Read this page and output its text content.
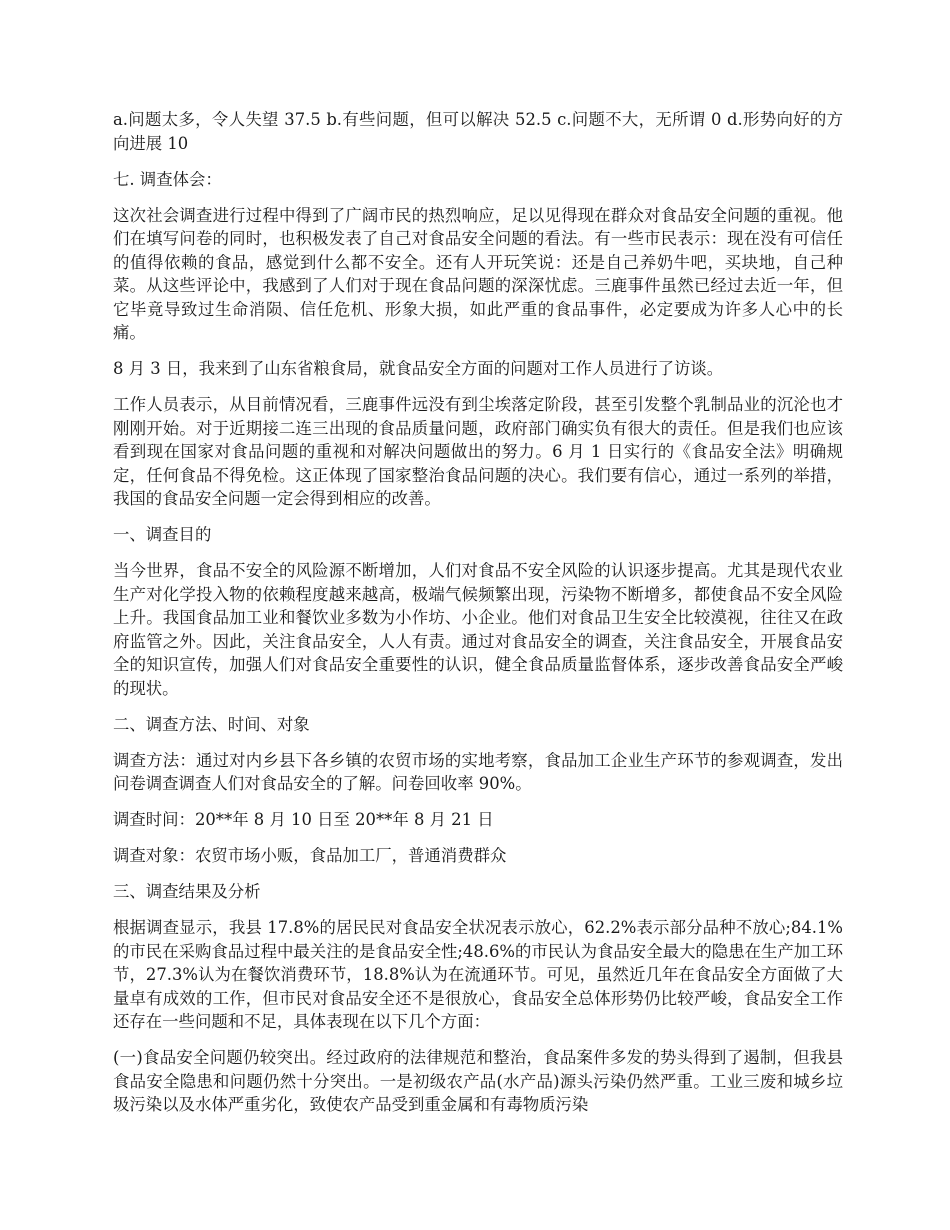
a.问题太多，令人失望 37.5 b.有些问题，但可以解决 52.5 c.问题不大，无所谓 0 d.形势向好的方向进展 10

七. 调查体会：

这次社会调查进行过程中得到了广阔市民的热烈响应，足以见得现在群众对食品安全问题的重视。他们在填写问卷的同时，也积极发表了自己对食品安全问题的看法。有一些市民表示：现在没有可信任的值得依赖的食品，感觉到什么都不安全。还有人开玩笑说：还是自己养奶牛吧，买块地，自己种菜。从这些评论中，我感到了人们对于现在食品问题的深深忧虑。三鹿事件虽然已经过去近一年，但它毕竟导致过生命消陨、信任危机、形象大损，如此严重的食品事件，必定要成为许多人心中的长痛。

8 月 3 日，我来到了山东省粮食局，就食品安全方面的问题对工作人员进行了访谈。

工作人员表示，从目前情况看，三鹿事件远没有到尘埃落定阶段，甚至引发整个乳制品业的沉沦也才刚刚开始。对于近期接二连三出现的食品质量问题，政府部门确实负有很大的责任。但是我们也应该看到现在国家对食品问题的重视和对解决问题做出的努力。6 月 1 日实行的《食品安全法》明确规定，任何食品不得免检。这正体现了国家整治食品问题的决心。我们要有信心，通过一系列的举措，我国的食品安全问题一定会得到相应的改善。

一、调查目的

当今世界，食品不安全的风险源不断增加，人们对食品不安全风险的认识逐步提高。尤其是现代农业生产对化学投入物的依赖程度越来越高，极端气候频繁出现，污染物不断增多，都使食品不安全风险上升。我国食品加工业和餐饮业多数为小作坊、小企业。他们对食品卫生安全比较漠视，往往又在政府监管之外。因此，关注食品安全，人人有责。通过对食品安全的调查，关注食品安全，开展食品安全的知识宣传，加强人们对食品安全重要性的认识，健全食品质量监督体系，逐步改善食品安全严峻的现状。

二、调查方法、时间、对象

调查方法：通过对内乡县下各乡镇的农贸市场的实地考察，食品加工企业生产环节的参观调查，发出问卷调查调查人们对食品安全的了解。问卷回收率 90%。

调查时间：20**年 8 月 10 日至 20**年 8 月 21 日

调查对象：农贸市场小贩，食品加工厂，普通消费群众

三、调查结果及分析

根据调查显示，我县 17.8%的居民民对食品安全状况表示放心，62.2%表示部分品种不放心;84.1%的市民在采购食品过程中最关注的是食品安全性;48.6%的市民认为食品安全最大的隐患在生产加工环节，27.3%认为在餐饮消费环节，18.8%认为在流通环节。可见，虽然近几年在食品安全方面做了大量卓有成效的工作，但市民对食品安全还不是很放心，食品安全总体形势仍比较严峻，食品安全工作还存在一些问题和不足，具体表现在以下几个方面：

(一)食品安全问题仍较突出。经过政府的法律规范和整治，食品案件多发的势头得到了遏制，但我县食品安全隐患和问题仍然十分突出。一是初级农产品(水产品)源头污染仍然严重。工业三废和城乡垃圾污染以及水体严重劣化，致使农产品受到重金属和有毒物质污染
